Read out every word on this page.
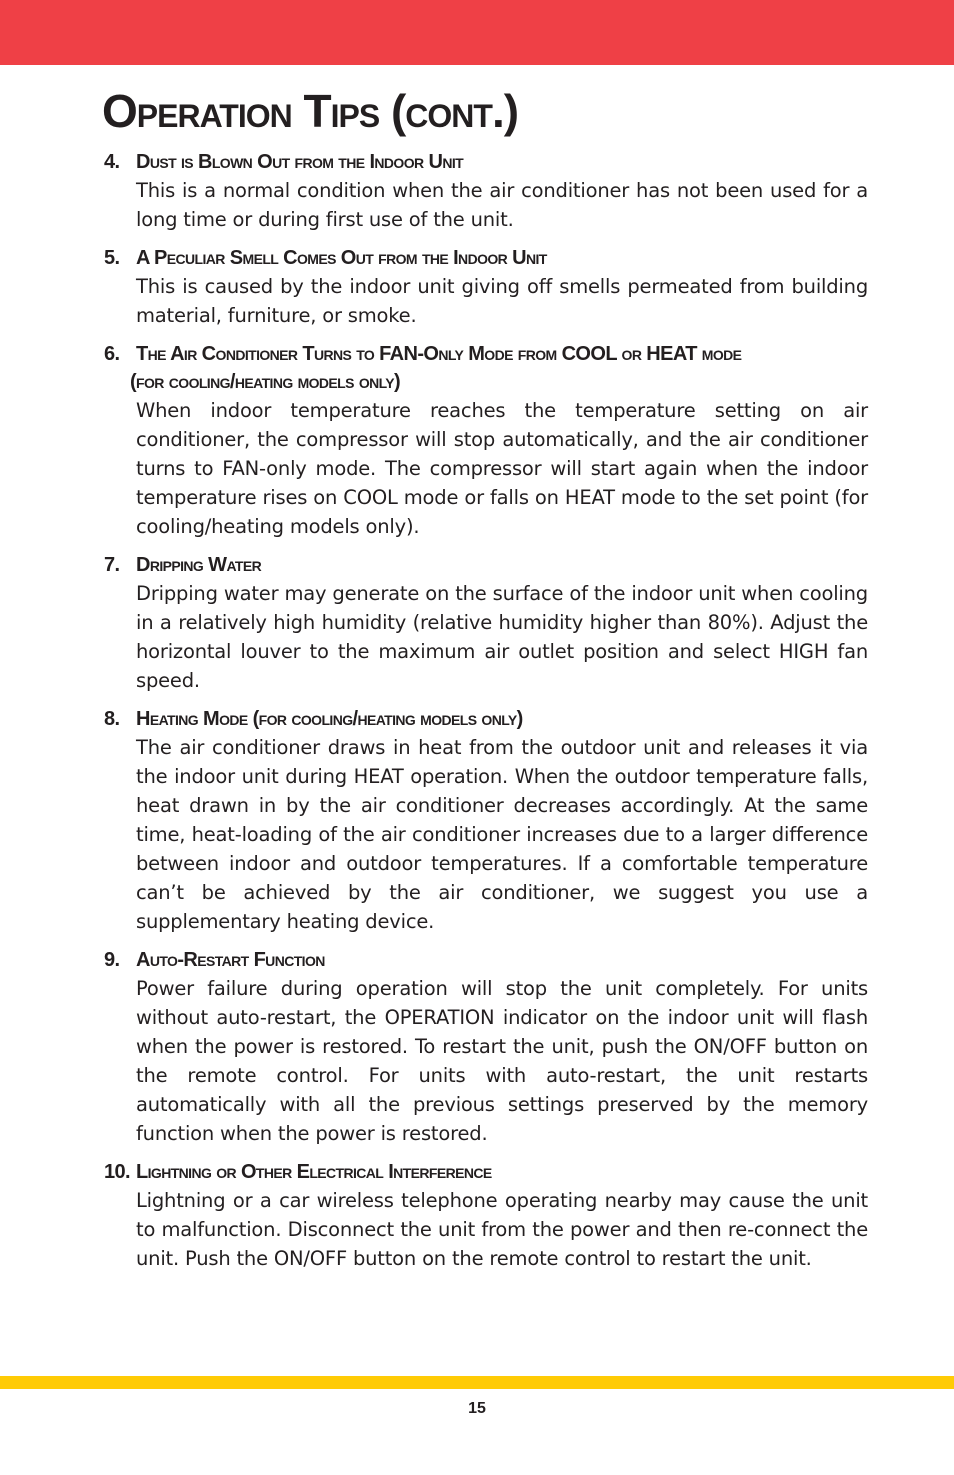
Operation Tips (cont.)
4. Dust is Blown Out from the Indoor Unit
This is a normal condition when the air conditioner has not been used for a long time or during first use of the unit.
5. A Peculiar Smell Comes Out from the Indoor Unit
This is caused by the indoor unit giving off smells permeated from building material, furniture, or smoke.
6. The Air Conditioner Turns to FAN-Only Mode from COOL or HEAT mode
(for cooling/heating models only)
When indoor temperature reaches the temperature setting on air conditioner, the compressor will stop automatically, and the air conditioner turns to FAN-only mode. The compressor will start again when the indoor temperature rises on COOL mode or falls on HEAT mode to the set point (for cooling/heating models only).
7. Dripping Water
Dripping water may generate on the surface of the indoor unit when cooling in a relatively high humidity (relative humidity higher than 80%). Adjust the horizontal louver to the maximum air outlet position and select HIGH fan speed.
8. Heating Mode (for cooling/heating models only)
The air conditioner draws in heat from the outdoor unit and releases it via the indoor unit during HEAT operation. When the outdoor temperature falls, heat drawn in by the air conditioner decreases accordingly. At the same time, heat-loading of the air conditioner increases due to a larger difference between indoor and outdoor temperatures. If a comfortable temperature can’t be achieved by the air conditioner, we suggest you use a supplementary heating device.
9. Auto-Restart Function
Power failure during operation will stop the unit completely. For units without auto-restart, the OPERATION indicator on the indoor unit will flash when the power is restored. To restart the unit, push the ON/OFF button on the remote control. For units with auto-restart, the unit restarts automatically with all the previous settings preserved by the memory function when the power is restored.
10. Lightning or Other Electrical Interference
Lightning or a car wireless telephone operating nearby may cause the unit to malfunction. Disconnect the unit from the power and then re-connect the unit. Push the ON/OFF button on the remote control to restart the unit.
15
